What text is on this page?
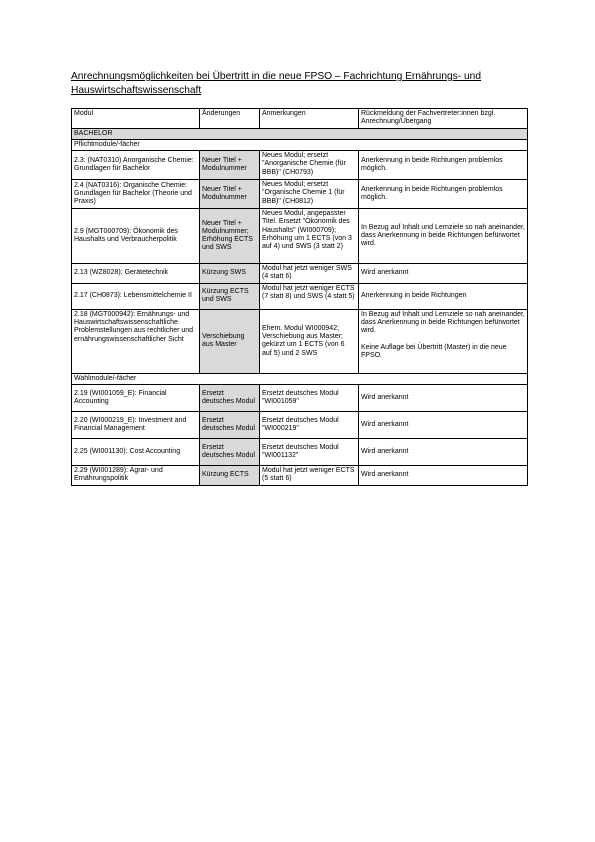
Anrechnungsmöglichkeiten bei Übertritt in die neue FPSO – Fachrichtung Ernährungs- und Hauswirtschaftswissenschaft
Modul	Änderungen	Anmerkungen	Rückmeldung der Fachvertreter:innen bzgl. Anrechnung/Übergang
BACHELOR			
Pflichtmodule/-fächer			
2.3: (NAT0310) Anorganische Chemie: Grundlagen für Bachelor	Neuer Titel + Modulnummer	Neues Modul; ersetzt "Anorganische Chemie (für BBB)" (CH0793)	Anerkennung in beide Richtungen problemlos möglich.
2.4 (NAT0316): Organische Chemie: Grundlagen für Bachelor (Theorie und Praxis)	Neuer Titel + Modulnummer	Neues Modul; ersetzt "Organische Chemie 1 (für BBB)" (CH0812)	Anerkennung in beide Richtungen problemlos möglich.
2.9 (MGT000709): Ökonomik des Haushalts und Verbraucherpolitik	Neuer Titel + Modulnummer; Erhöhung ECTS und SWS	Neues Modul, angepasster Titel. Ersetzt "Ökonomik des Haushalts" (WI000709); Erhöhung um 1 ECTS (von 3 auf 4) und SWS (3 statt 2)	In Bezug auf Inhalt und Lernziele so nah aneinander, dass Anerkennung in beide Richtungen befürwortet wird.
2.13 (WZ8028): Gerätetechnik	Kürzung SWS	Modul hat jetzt weniger SWS (4 statt 6)	Wird anerkannt
2.17 (CH0873): Lebensmittelchemie II	Kürzung ECTS und SWS	Modul hat jetzt weniger ECTS (7 statt 8) und SWS (4 statt 5)	Anerkennung in beide Richtungen
2.18 (MGT000942): Ernährungs- und Hauswirtschaftswissenschaftliche Problemstellungen aus rechtlicher und ernährungswissenschaftlicher Sicht	Verschiebung aus Master	Ehem. Modul WI000942; Verschiebung aus Master; gekürzt um 1 ECTS (von 6 auf 5) und 2 SWS	In Bezug auf Inhalt und Lernziele so nah aneinander, dass Anerkennung in beide Richtungen befürwortet wird.
Keine Auflage bei Übertritt (Master) in die neue FPSO.
Wahlmodule/-fächer			
2.19 (WI001059_E): Financial Accounting	Ersetzt deutsches Modul	Ersetzt deutsches Modul "WI001059"	Wird anerkannt
2.20 (WI000219_E): Investment and Financial Management	Ersetzt deutsches Modul	Ersetzt deutsches Modul "WI000219"	Wird anerkannt
2.25 (WI001130): Cost Accounting	Ersetzt deutsches Modul	Ersetzt deutsches Modul "WI001132"	Wird anerkannt
2.29 (WI001289): Agrar- und Ernährungspolitik	Kürzung ECTS	Modul hat jetzt weniger ECTS (5 statt 6)	Wird anerkannt
